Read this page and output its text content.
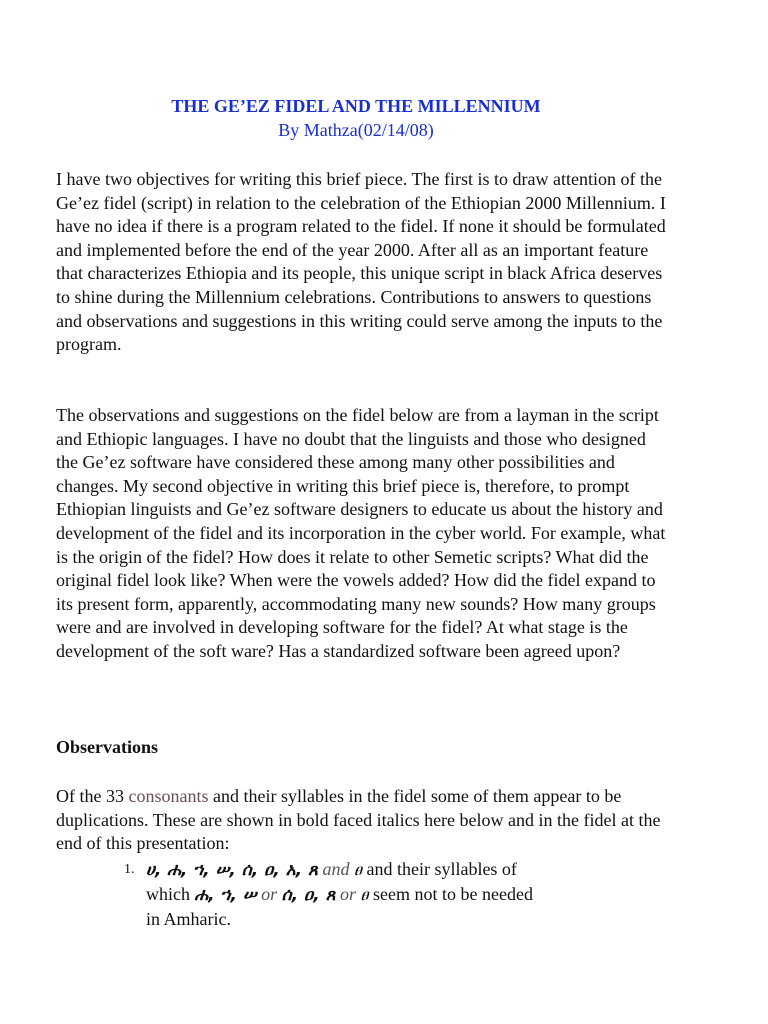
THE GE’EZ FIDEL AND THE MILLENNIUM
By Mathza(02/14/08)
I have two objectives for writing this brief piece. The first is to draw attention of the Ge’ez fidel (script) in relation to the celebration of the Ethiopian 2000 Millennium. I have no idea if there is a program related to the fidel. If none it should be formulated and implemented before the end of the year 2000. After all as an important feature that characterizes Ethiopia and its people, this unique script in black Africa deserves to shine during the Millennium celebrations. Contributions to answers to questions and observations and suggestions in this writing could serve among the inputs to the program.
The observations and suggestions on the fidel below are from a layman in the script and Ethiopic languages. I have no doubt that the linguists and those who designed the Ge’ez software have considered these among many other possibilities and changes. My second objective in writing this brief piece is, therefore, to prompt Ethiopian linguists and Ge’ez software designers to educate us about the history and development of the fidel and its incorporation in the cyber world. For example, what is the origin of the fidel? How does it relate to other Semetic scripts? What did the original fidel look like? When were the vowels added? How did the fidel expand to its present form, apparently, accommodating many new sounds? How many groups were and are involved in developing software for the fidel? At what stage is the development of the soft ware? Has a standardized software been agreed upon?
Observations
Of the 33 consonants and their syllables in the fidel some of them appear to be duplications. These are shown in bold faced italics here below and in the fidel at the end of this presentation:
1. ሀ, ሐ, ኀ, ሠ, ሰ, ዐ, አ, ጸ and ፀ and their syllables of
which ሐ, ኀ, ሠ or ሰ, ዐ, ጸ or ፀ seem not to be needed
in Amharic.
